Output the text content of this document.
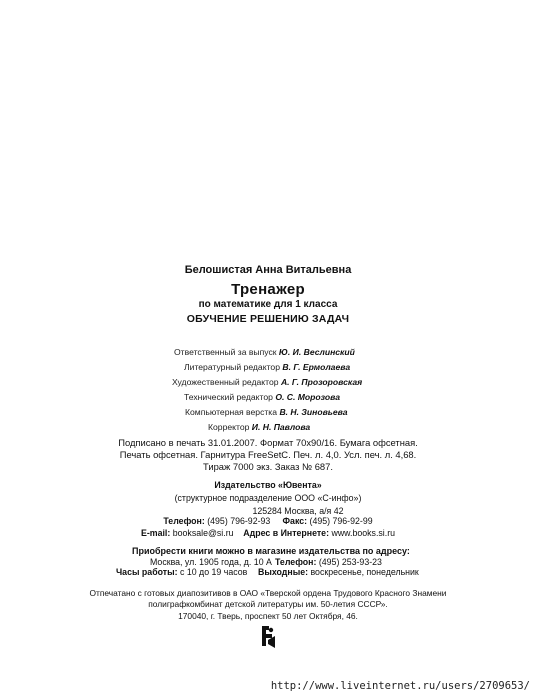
Белошистая Анна Витальевна
Тренажер
по математике для 1 класса
ОБУЧЕНИЕ РЕШЕНИЮ ЗАДАЧ
Ответственный за выпуск Ю. И. Веслинский
Литературный редактор В. Г. Ермолаева
Художественный редактор А. Г. Прозоровская
Технический редактор О. С. Морозова
Компьютерная верстка В. Н. Зиновьева
Корректор И. Н. Павлова
Подписано в печать 31.01.2007. Формат 70х90/16. Бумага офсетная.
Печать офсетная. Гарнитура FreeSetC. Печ. л. 4,0. Усл. печ. л. 4,68.
Тираж 7000 экз. Заказ № 687.
Издательство «Ювента»
(структурное подразделение ООО «С-инфо»)
125284 Москва, а/я 42
Телефон: (495) 796-92-93 Факс: (495) 796-92-99
E-mail: booksale@si.ru Адрес в Интернете: www.books.si.ru
Приобрести книги можно в магазине издательства по адресу:
Москва, ул. 1905 года, д. 10 А Телефон: (495) 253-93-23
Часы работы: с 10 до 19 часов Выходные: воскресенье, понедельник
Отпечатано с готовых диапозитивов в ОАО «Тверской ордена Трудового Красного Знамени
полиграфкомбинат детской литературы им. 50-летия СССР».
170040, г. Тверь, проспект 50 лет Октября, 46.
http://www.liveinternet.ru/users/2709653/
